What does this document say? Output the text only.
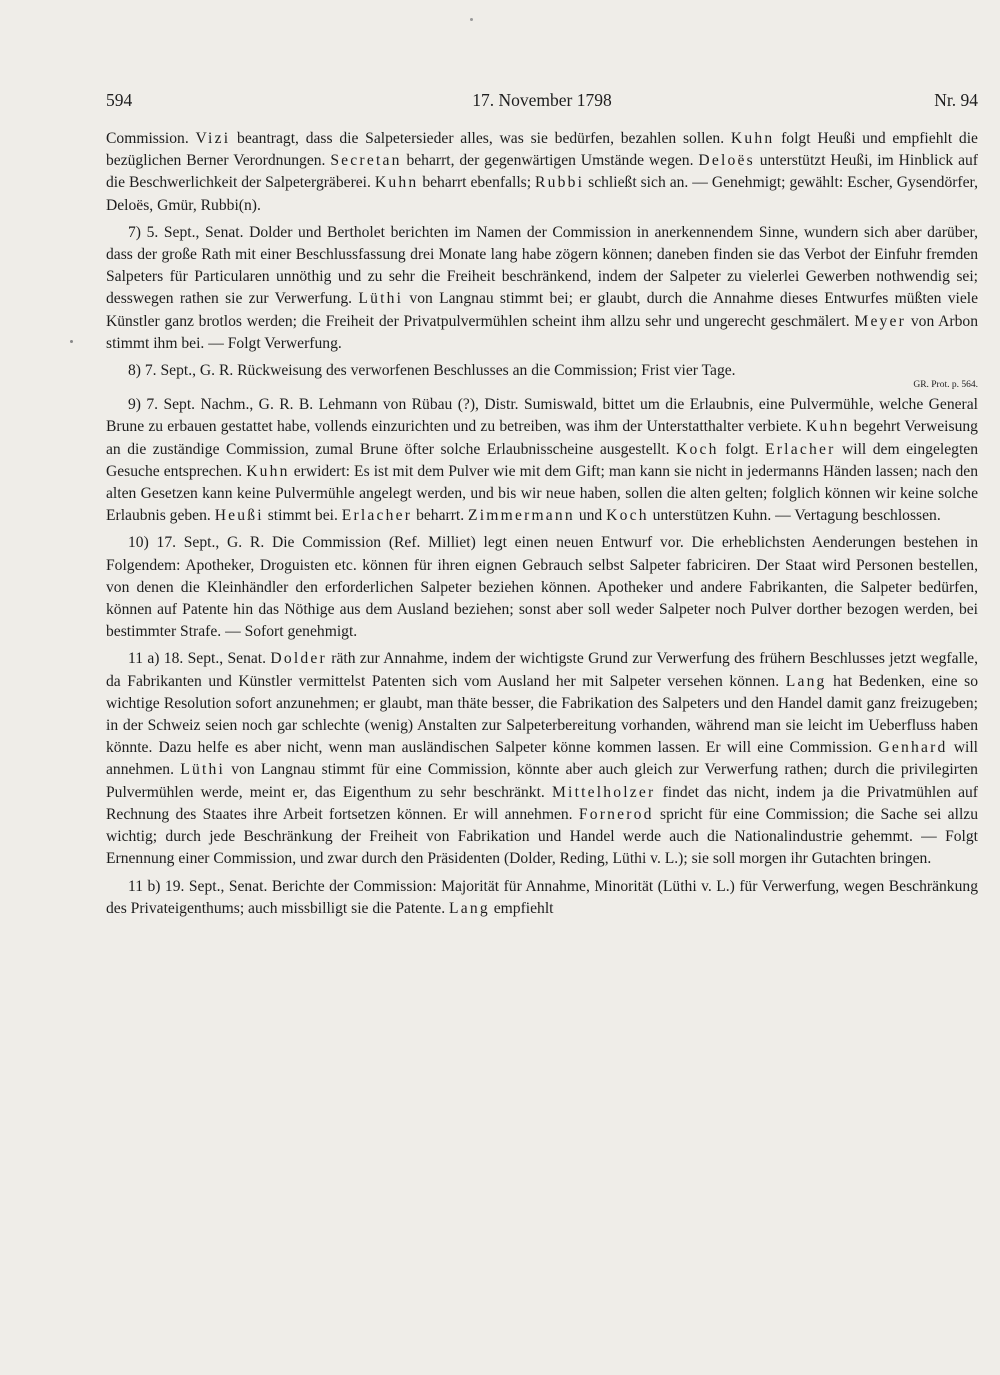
594	17. November 1798	Nr. 94

Commission. Vizi beantragt, dass die Salpetersieder alles, was sie bedürfen, bezahlen sollen. Kuhn folgt Heußi und empfiehlt die bezüglichen Berner Verordnungen. Secretan beharrt, der gegenwärtigen Umstände wegen. Deloës unterstützt Heußi, im Hinblick auf die Beschwerlichkeit der Salpetergräberei. Kuhn beharrt ebenfalls; Rubbi schließt sich an. — Genehmigt; gewählt: Escher, Gysendörfer, Deloës, Gmür, Rubbi(n).

7) 5. Sept., Senat. Dolder und Bertholet berichten im Namen der Commission in anerkennendem Sinne, wundern sich aber darüber, dass der große Rath mit einer Beschlussfassung drei Monate lang habe zögern können; daneben finden sie das Verbot der Einfuhr fremden Salpeters für Particularen unnöthig und zu sehr die Freiheit beschränkend, indem der Salpeter zu vielerlei Gewerben nothwendig sei; desswegen rathen sie zur Verwerfung. Lüthi von Langnau stimmt bei; er glaubt, durch die Annahme dieses Entwurfes müßten viele Künstler ganz brotlos werden; die Freiheit der Privatpulvermühlen scheint ihm allzu sehr und ungerecht geschmälert. Meyer von Arbon stimmt ihm bei. — Folgt Verwerfung.

8) 7. Sept., G. R. Rückweisung des verworfenen Beschlusses an die Commission; Frist vier Tage.

GR. Prot. p. 564.

9) 7. Sept. Nachm., G. R. B. Lehmann von Rübau (?), Distr. Sumiswald, bittet um die Erlaubnis, eine Pulvermühle, welche General Brune zu erbauen gestattet habe, vollends einzurichten und zu betreiben, was ihm der Unterstatthalter verbiete. Kuhn begehrt Verweisung an die zuständige Commission, zumal Brune öfter solche Erlaubnisscheine ausgestellt. Koch folgt. Erlacher will dem eingelegten Gesuche entsprechen. Kuhn erwidert: Es ist mit dem Pulver wie mit dem Gift; man kann sie nicht in jedermanns Händen lassen; nach den alten Gesetzen kann keine Pulvermühle angelegt werden, und bis wir neue haben, sollen die alten gelten; folglich können wir keine solche Erlaubnis geben. Heußi stimmt bei. Erlacher beharrt. Zimmermann und Koch unterstützen Kuhn. — Vertagung beschlossen.

10) 17. Sept., G. R. Die Commission (Ref. Milliet) legt einen neuen Entwurf vor. Die erheblichsten Aenderungen bestehen in Folgendem: Apotheker, Droguisten etc. können für ihren eignen Gebrauch selbst Salpeter fabriciren. Der Staat wird Personen bestellen, von denen die Kleinhändler den erforderlichen Salpeter beziehen können. Apotheker und andere Fabrikanten, die Salpeter bedürfen, können auf Patente hin das Nöthige aus dem Ausland beziehen; sonst aber soll weder Salpeter noch Pulver dorther bezogen werden, bei bestimmter Strafe. — Sofort genehmigt.

11 a) 18. Sept., Senat. Dolder räth zur Annahme, indem der wichtigste Grund zur Verwerfung des frühern Beschlusses jetzt wegfalle, da Fabrikanten und Künstler vermittelst Patenten sich vom Ausland her mit Salpeter versehen können. Lang hat Bedenken, eine so wichtige Resolution sofort anzunehmen; er glaubt, man thäte besser, die Fabrikation des Salpeters und den Handel damit ganz freizugeben; in der Schweiz seien noch gar schlechte (wenig) Anstalten zur Salpeterbereitung vorhanden, während man sie leicht im Ueberfluss haben könnte. Dazu helfe es aber nicht, wenn man ausländischen Salpeter könne kommen lassen. Er will eine Commission. Genhard will annehmen. Lüthi von Langnau stimmt für eine Commission, könnte aber auch gleich zur Verwerfung rathen; durch die privilegirten Pulvermühlen werde, meint er, das Eigenthum zu sehr beschränkt. Mittelholzer findet das nicht, indem ja die Privatmühlen auf Rechnung des Staates ihre Arbeit fortsetzen können. Er will annehmen. Fornerod spricht für eine Commission; die Sache sei allzu wichtig; durch jede Beschränkung der Freiheit von Fabrikation und Handel werde auch die Nationalindustrie gehemmt. — Folgt Ernennung einer Commission, und zwar durch den Präsidenten (Dolder, Reding, Lüthi v. L.); sie soll morgen ihr Gutachten bringen.

11 b) 19. Sept., Senat. Berichte der Commission: Majorität für Annahme, Minorität (Lüthi v. L.) für Verwerfung, wegen Beschränkung des Privateigenthums; auch missbilligt sie die Patente. Lang empfiehlt
